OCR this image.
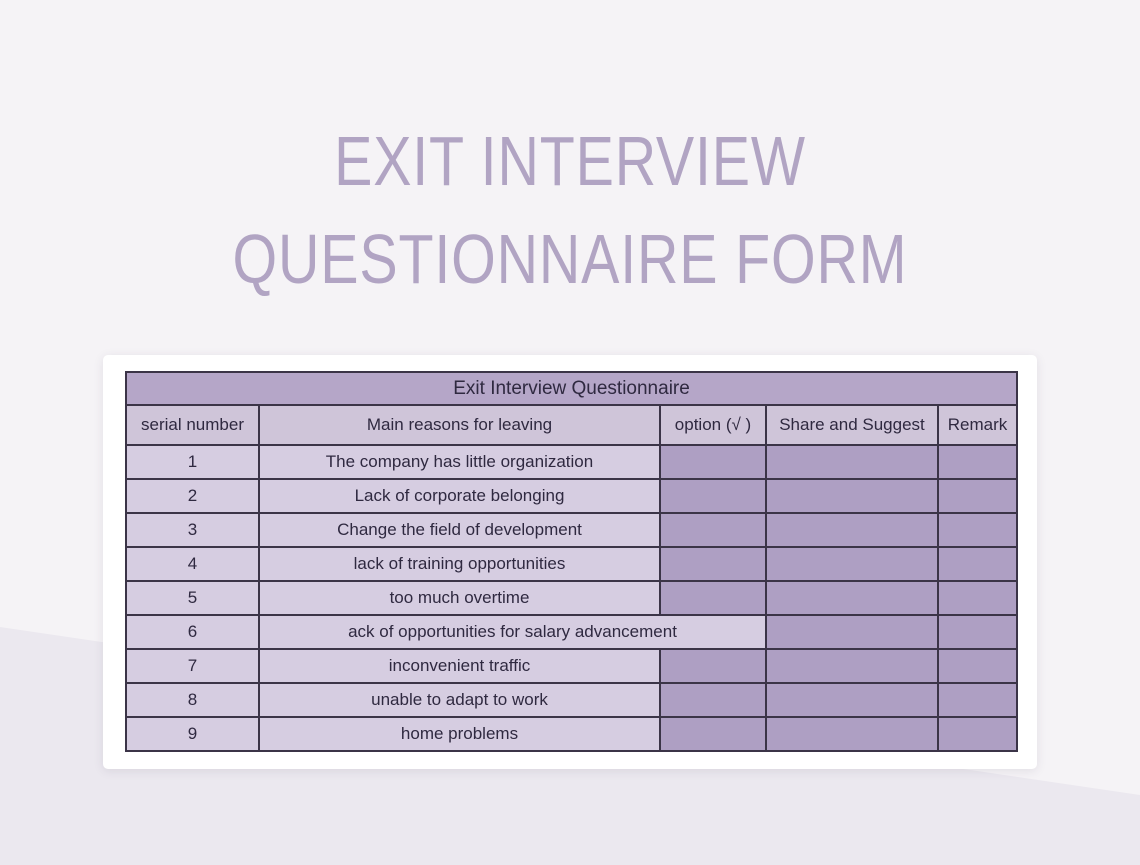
EXIT INTERVIEW
QUESTIONNAIRE FORM
Exit Interview Questionnaire				
serial number	Main reasons for leaving	option (√ )	Share and Suggest	Remark
1	The company has little organization			
2	Lack of corporate belonging			
3	Change the field of development			
4	lack of training opportunities			
5	too much overtime			
6	ack of opportunities for salary advancement			
7	inconvenient traffic			
8	unable to adapt to work			
9	home problems			
